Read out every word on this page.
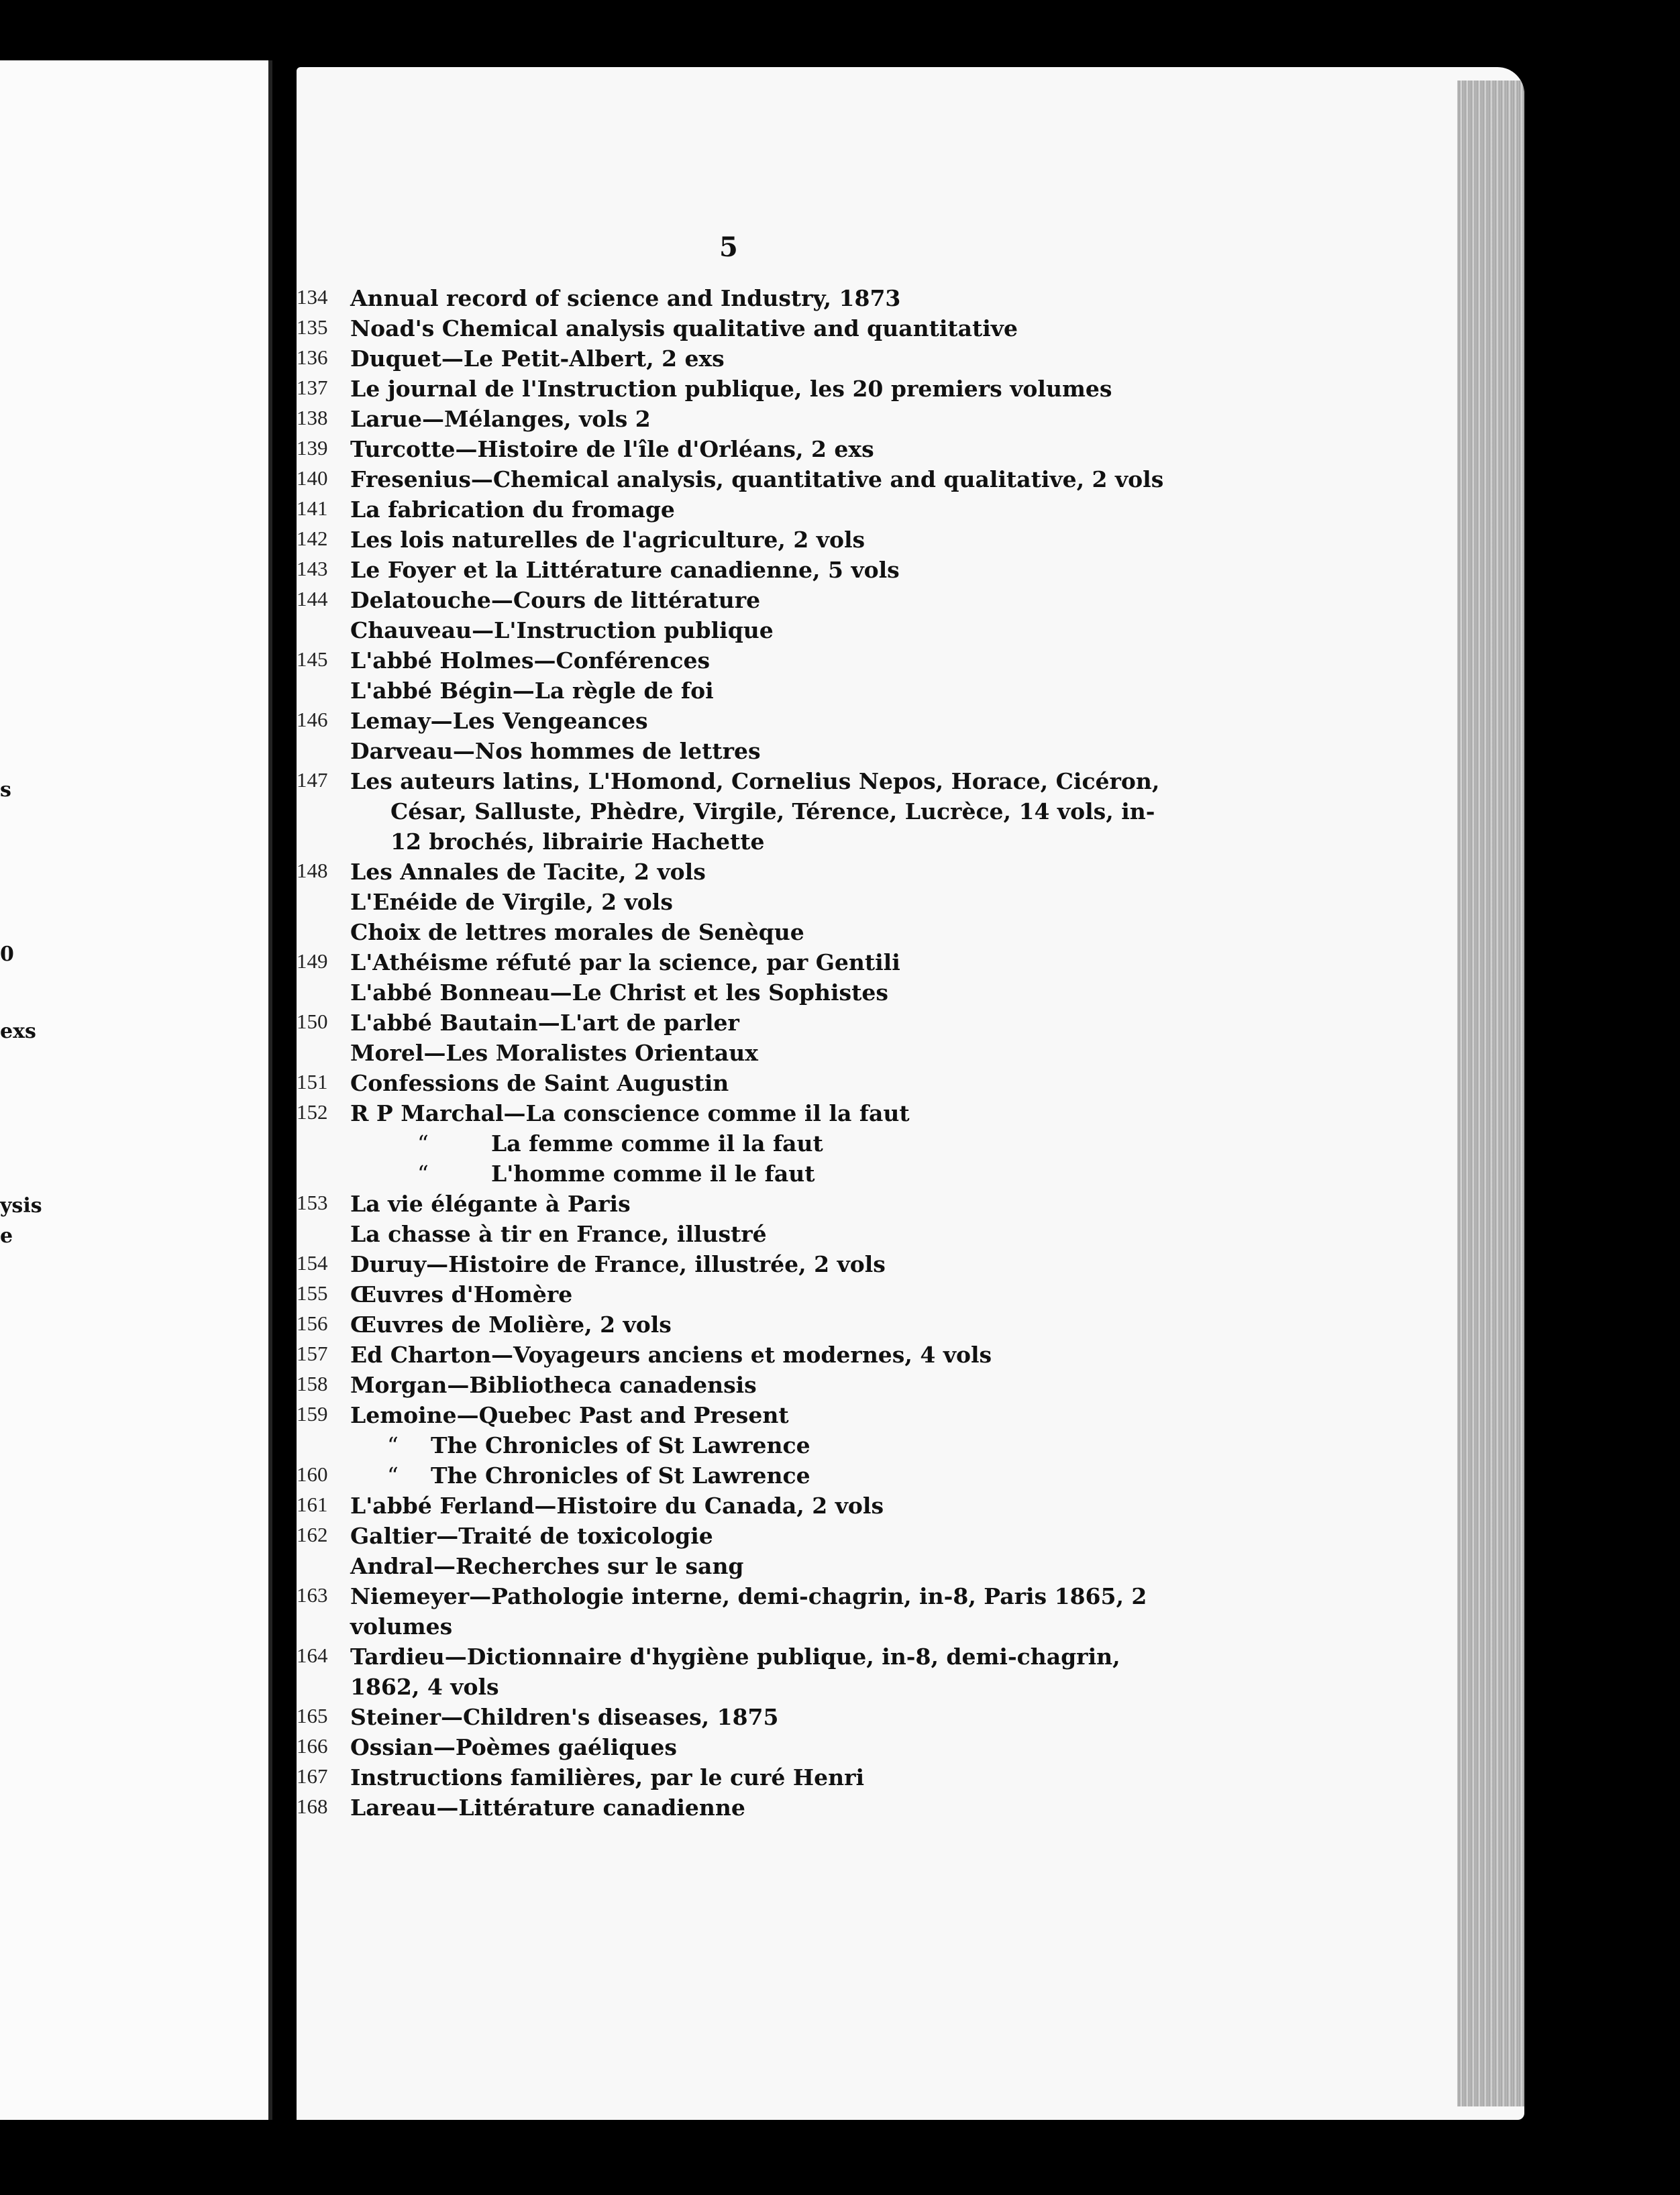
s
0
exs
ysis
e
5
134	Annual record of science and Industry, 1873
135	Noad's Chemical analysis qualitative and quantitative
136	Duquet—Le Petit-Albert, 2 exs
137	Le journal de l'Instruction publique, les 20 premiers volumes
138	Larue—Mélanges, vols 2
139	Turcotte—Histoire de l'île d'Orléans, 2 exs
140	Fresenius—Chemical analysis, quantitative and qualitative, 2 vols
141	La fabrication du fromage
142	Les lois naturelles de l'agriculture, 2 vols
143	Le Foyer et la Littérature canadienne, 5 vols
144	Delatouche—Cours de littérature
Chauveau—L'Instruction publique
145	L'abbé Holmes—Conférences
L'abbé Bégin—La règle de foi
146	Lemay—Les Vengeances
Darveau—Nos hommes de lettres
147	Les auteurs latins, L'Homond, Cornelius Nepos, Horace, Cicéron,
César, Salluste, Phèdre, Virgile, Térence, Lucrèce, 14 vols, in-
12 brochés, librairie Hachette
148	Les Annales de Tacite, 2 vols
L'Enéide de Virgile, 2 vols
Choix de lettres morales de Senèque
149	L'Athéisme réfuté par la science, par Gentili
L'abbé Bonneau—Le Christ et les Sophistes
150	L'abbé Bautain—L'art de parler
Morel—Les Moralistes Orientaux
151	Confessions de Saint Augustin
152	R P Marchal—La conscience comme il la faut
“	La femme comme il la faut
“	L'homme comme il le faut
153	La vie élégante à Paris
La chasse à tir en France, illustré
154	Duruy—Histoire de France, illustrée, 2 vols
155	Œuvres d'Homère
156	Œuvres de Molière, 2 vols
157	Ed Charton—Voyageurs anciens et modernes, 4 vols
158	Morgan—Bibliotheca canadensis
159	Lemoine—Quebec Past and Present
“ The Chronicles of St Lawrence
160	“ The Chronicles of St Lawrence
161	L'abbé Ferland—Histoire du Canada, 2 vols
162	Galtier—Traité de toxicologie
Andral—Recherches sur le sang
163	Niemeyer—Pathologie interne, demi-chagrin, in-8, Paris 1865, 2
volumes
164	Tardieu—Dictionnaire d'hygiène publique, in-8, demi-chagrin,
1862, 4 vols
165	Steiner—Children's diseases, 1875
166	Ossian—Poèmes gaéliques
167	Instructions familières, par le curé Henri
168	Lareau—Littérature canadienne
